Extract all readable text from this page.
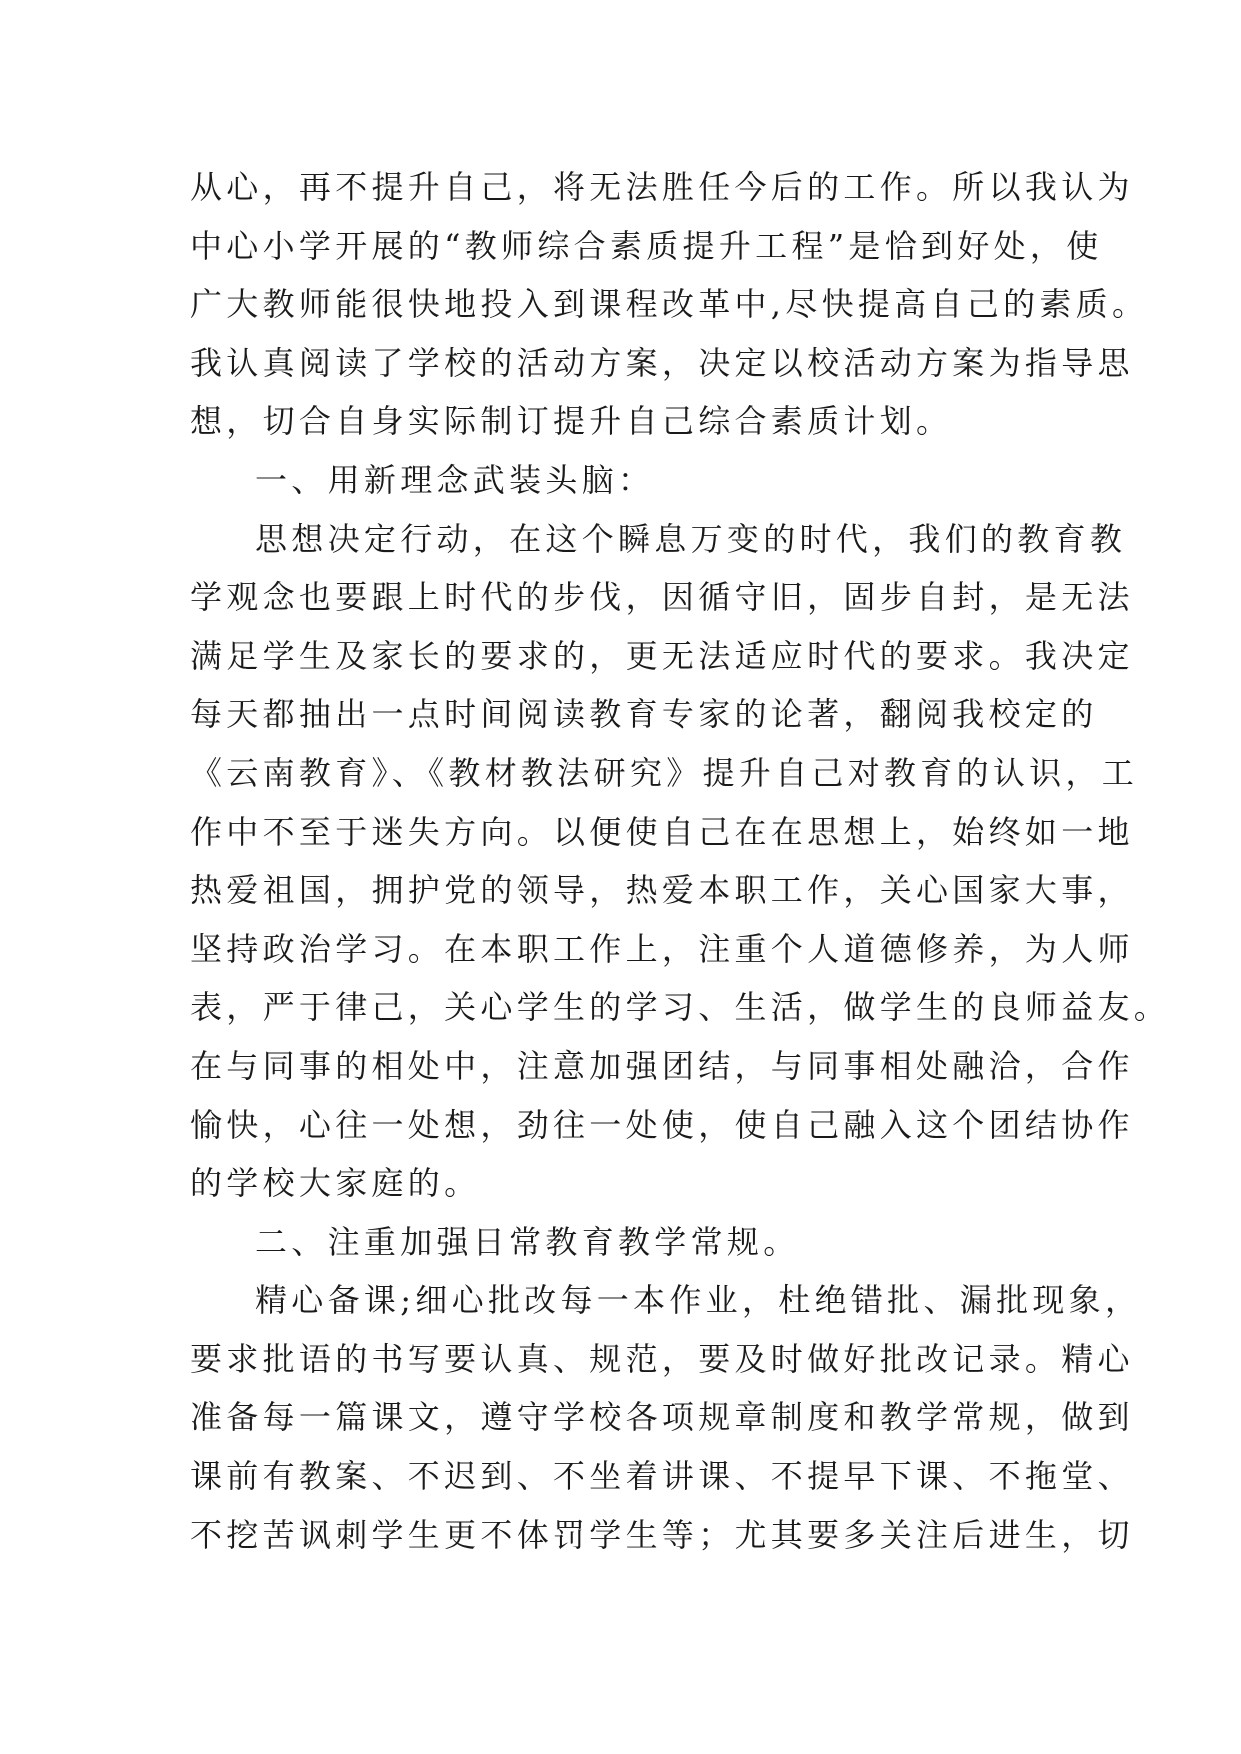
从心，再不提升自己，将无法胜任今后的工作。所以我认为
中心小学开展的“教师综合素质提升工程”是恰到好处，使
广大教师能很快地投入到课程改革中,尽快提高自己的素质。
我认真阅读了学校的活动方案，决定以校活动方案为指导思
想，切合自身实际制订提升自己综合素质计划。
一、用新理念武装头脑：
思想决定行动，在这个瞬息万变的时代，我们的教育教
学观念也要跟上时代的步伐，因循守旧，固步自封，是无法
满足学生及家长的要求的，更无法适应时代的要求。我决定
每天都抽出一点时间阅读教育专家的论著，翻阅我校定的
《云南教育》、《教材教法研究》提升自己对教育的认识，工
作中不至于迷失方向。以便使自己在在思想上，始终如一地
热爱祖国，拥护党的领导，热爱本职工作，关心国家大事，
坚持政治学习。在本职工作上，注重个人道德修养，为人师
表，严于律己，关心学生的学习、生活，做学生的良师益友。
在与同事的相处中，注意加强团结，与同事相处融洽，合作
愉快，心往一处想，劲往一处使，使自己融入这个团结协作
的学校大家庭的。
二、注重加强日常教育教学常规。
精心备课;细心批改每一本作业，杜绝错批、漏批现象，
要求批语的书写要认真、规范，要及时做好批改记录。精心
准备每一篇课文，遵守学校各项规章制度和教学常规，做到
课前有教案、不迟到、不坐着讲课、不提早下课、不拖堂、
不挖苦讽刺学生更不体罚学生等；尤其要多关注后进生，切
